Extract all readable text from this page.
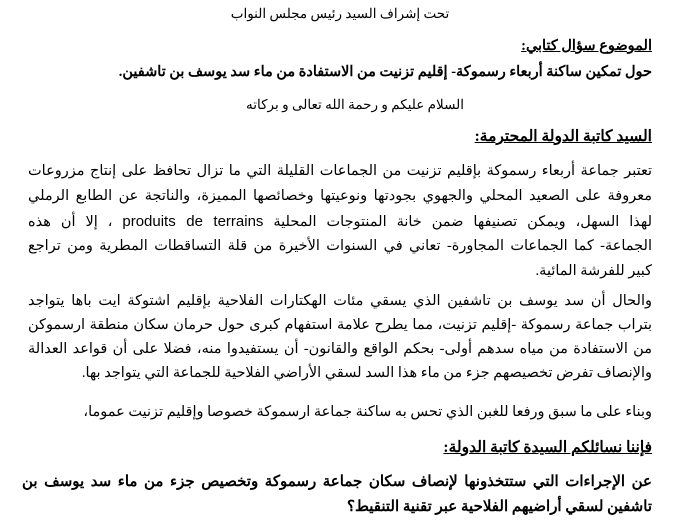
تحت إشراف السيد رئيس مجلس النواب
الموضوع سؤال كتابي:
حول تمكين ساكنة أربعاء رسموكة- إقليم تزنيت من الاستفادة من ماء سد يوسف بن تاشفين.
السلام عليكم و رحمة الله تعالى و بركاته
السيد كاتبة الدولة المحترمة:
تعتبر جماعة أربعاء رسموكة بإقليم تزنيت من الجماعات القليلة التي ما تزال تحافظ على إنتاج مزروعات
معروفة على الصعيد المحلي والجهوي بجودتها ونوعيتها وخصائصها المميزة، والناتجة عن الطابع الرملي
لهذا السهل، ويمكن تصنيفها ضمن خانة المنتوجات المحلية produits de terrains ، إلا أن هذه
الجماعة- كما الجماعات المجاورة- تعاني في السنوات الأخيرة من قلة التساقطات المطرية ومن تراجع
كبير للفرشة المائية.
والحال أن سد يوسف بن تاشفين الذي يسقي مئات الهكتارات الفلاحية بإقليم اشتوكة ايت باها يتواجد
بتراب جماعة رسموكة -إقليم تزنيت، مما يطرح علامة استفهام كبرى حول حرمان سكان منطقة ارسموكن
من الاستفادة من مياه سدهم أولى- بحكم الواقع والقانون- أن يستفيدوا منه، فضلا على أن قواعد العدالة
والإنصاف تفرض تخصيصهم جزء من ماء هذا السد لسقي الأراضي الفلاحية للجماعة التي يتواجد بها.
وبناء على ما سبق ورفعا للغبن الذي تحس به ساكنة جماعة ارسموكة خصوصا وإقليم تزنيت عموما،
فإننا نسائلكم السيدة كاتبة الدولة:
عن الإجراءات التي ستتخذونها لإنصاف سكان جماعة رسموكة وتخصيص جزء من ماء سد يوسف بن
تاشفين لسقي أراضيهم الفلاحية عبر تقنية التنقيط؟
